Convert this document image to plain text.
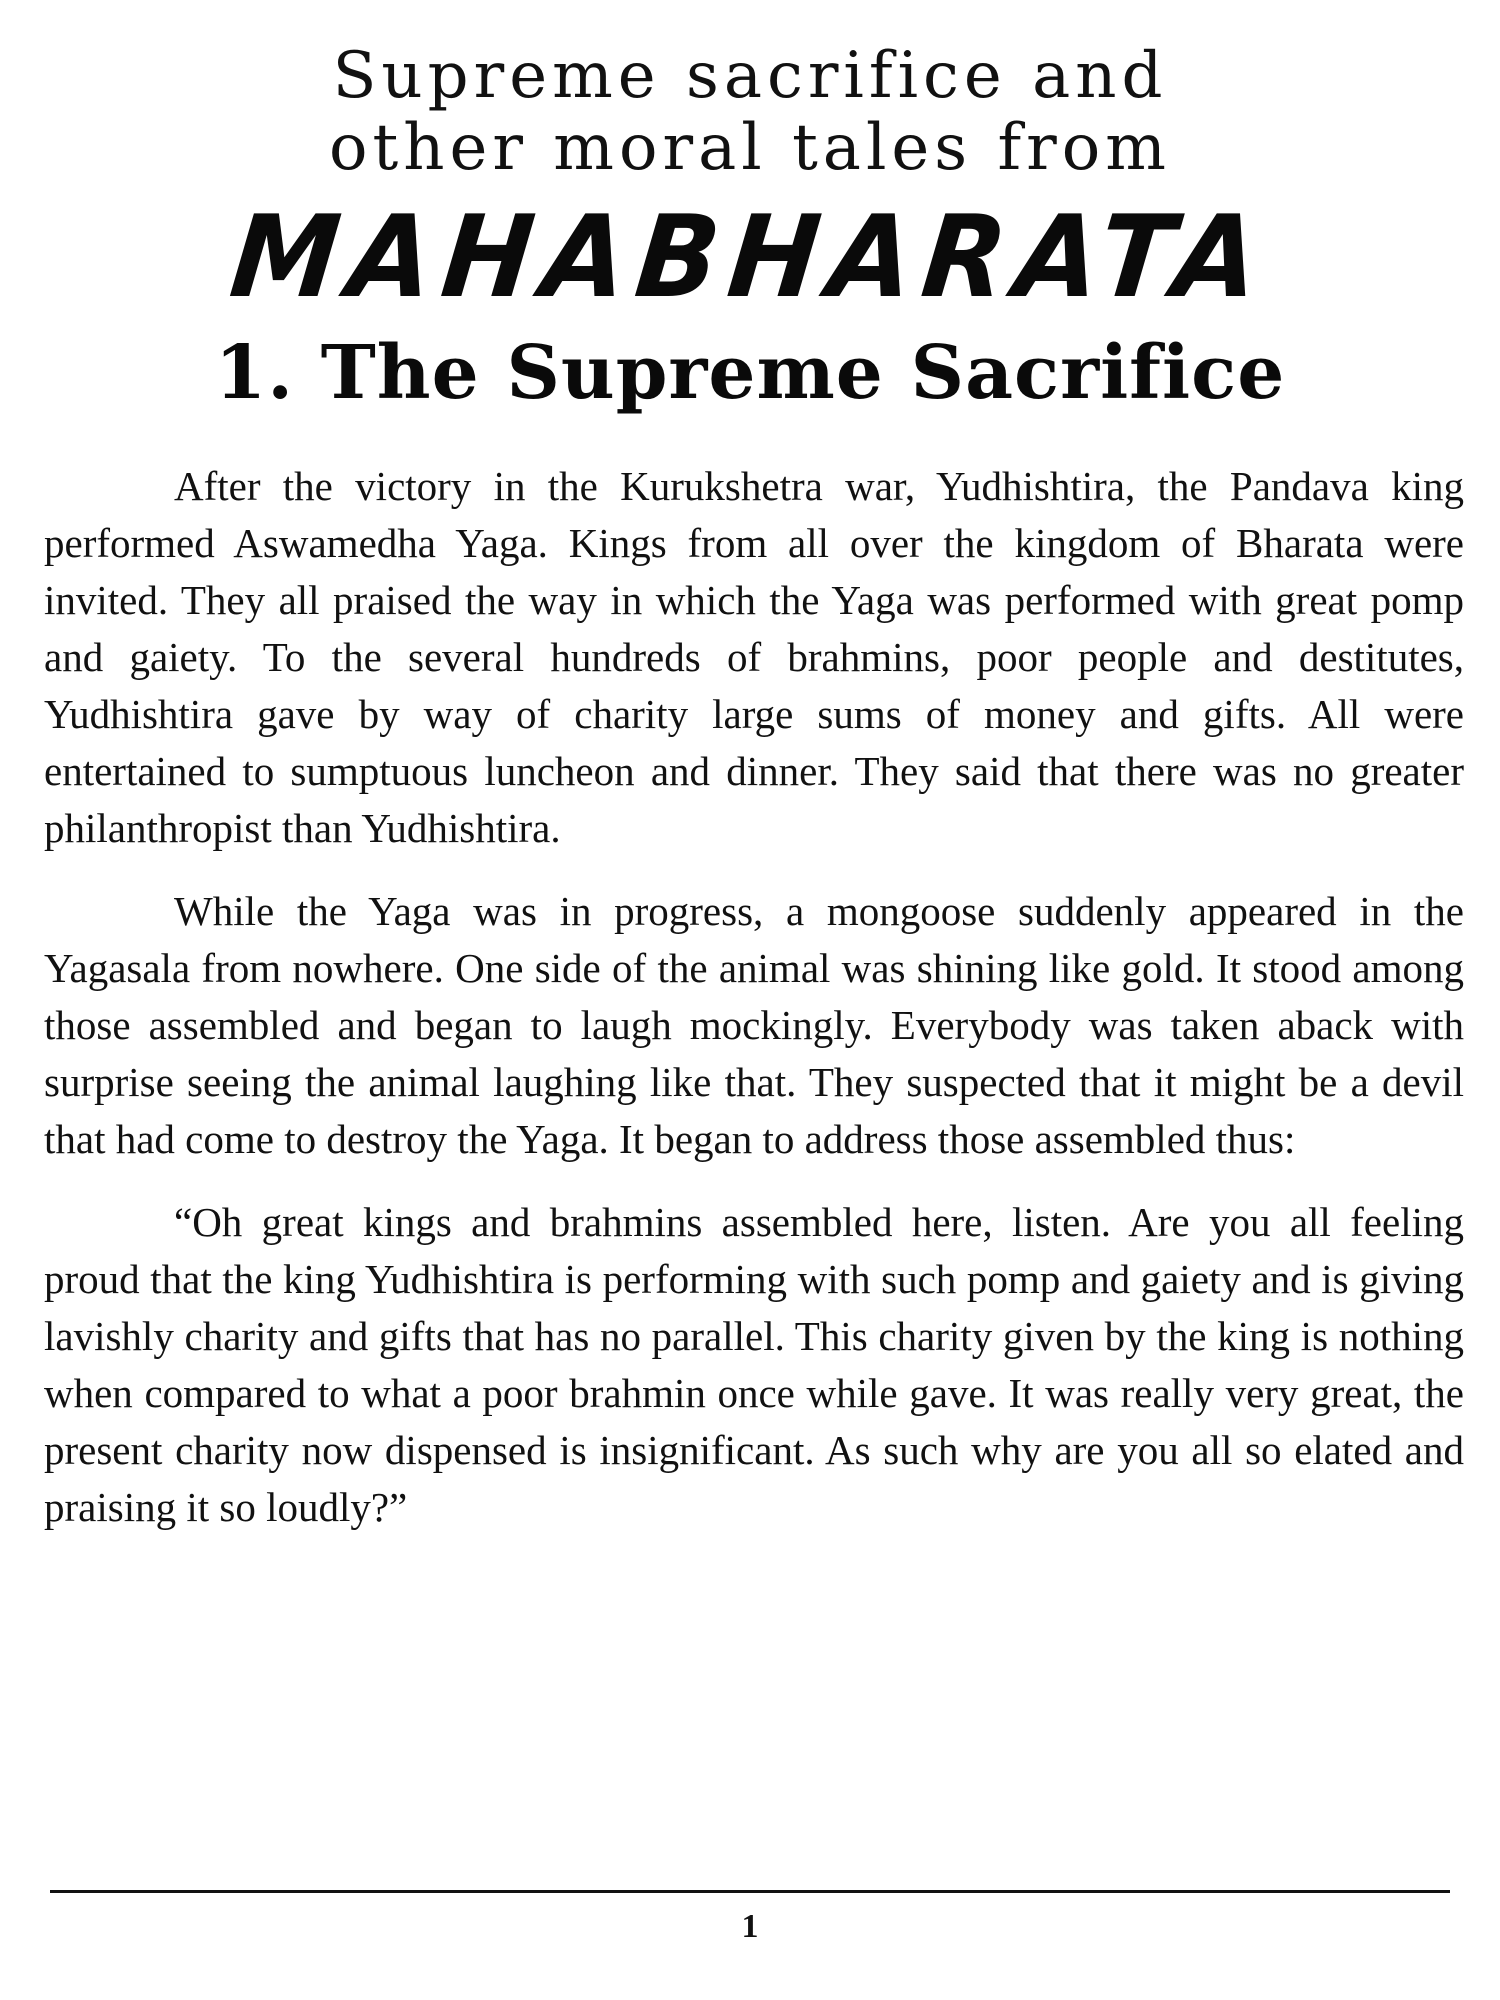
Supreme sacrifice and
other moral tales from
MAHABHARATA
1. The Supreme Sacrifice

After the victory in the Kurukshetra war, Yudhishtira, the Pandava king performed Aswamedha Yaga. Kings from all over the kingdom of Bharata were invited. They all praised the way in which the Yaga was performed with great pomp and gaiety. To the several hundreds of brahmins, poor people and destitutes, Yudhishtira gave by way of charity large sums of money and gifts. All were entertained to sumptuous luncheon and dinner. They said that there was no greater philanthropist than Yudhishtira.

While the Yaga was in progress, a mongoose suddenly appeared in the Yagasala from nowhere. One side of the animal was shining like gold. It stood among those assembled and began to laugh mockingly. Everybody was taken aback with surprise seeing the animal laughing like that. They suspected that it might be a devil that had come to destroy the Yaga. It began to address those assembled thus:

“Oh great kings and brahmins assembled here, listen. Are you all feeling proud that the king Yudhishtira is performing with such pomp and gaiety and is giving lavishly charity and gifts that has no parallel. This charity given by the king is nothing when compared to what a poor brahmin once while gave. It was really very great, the present charity now dispensed is insignificant. As such why are you all so elated and praising it so loudly?”

1
